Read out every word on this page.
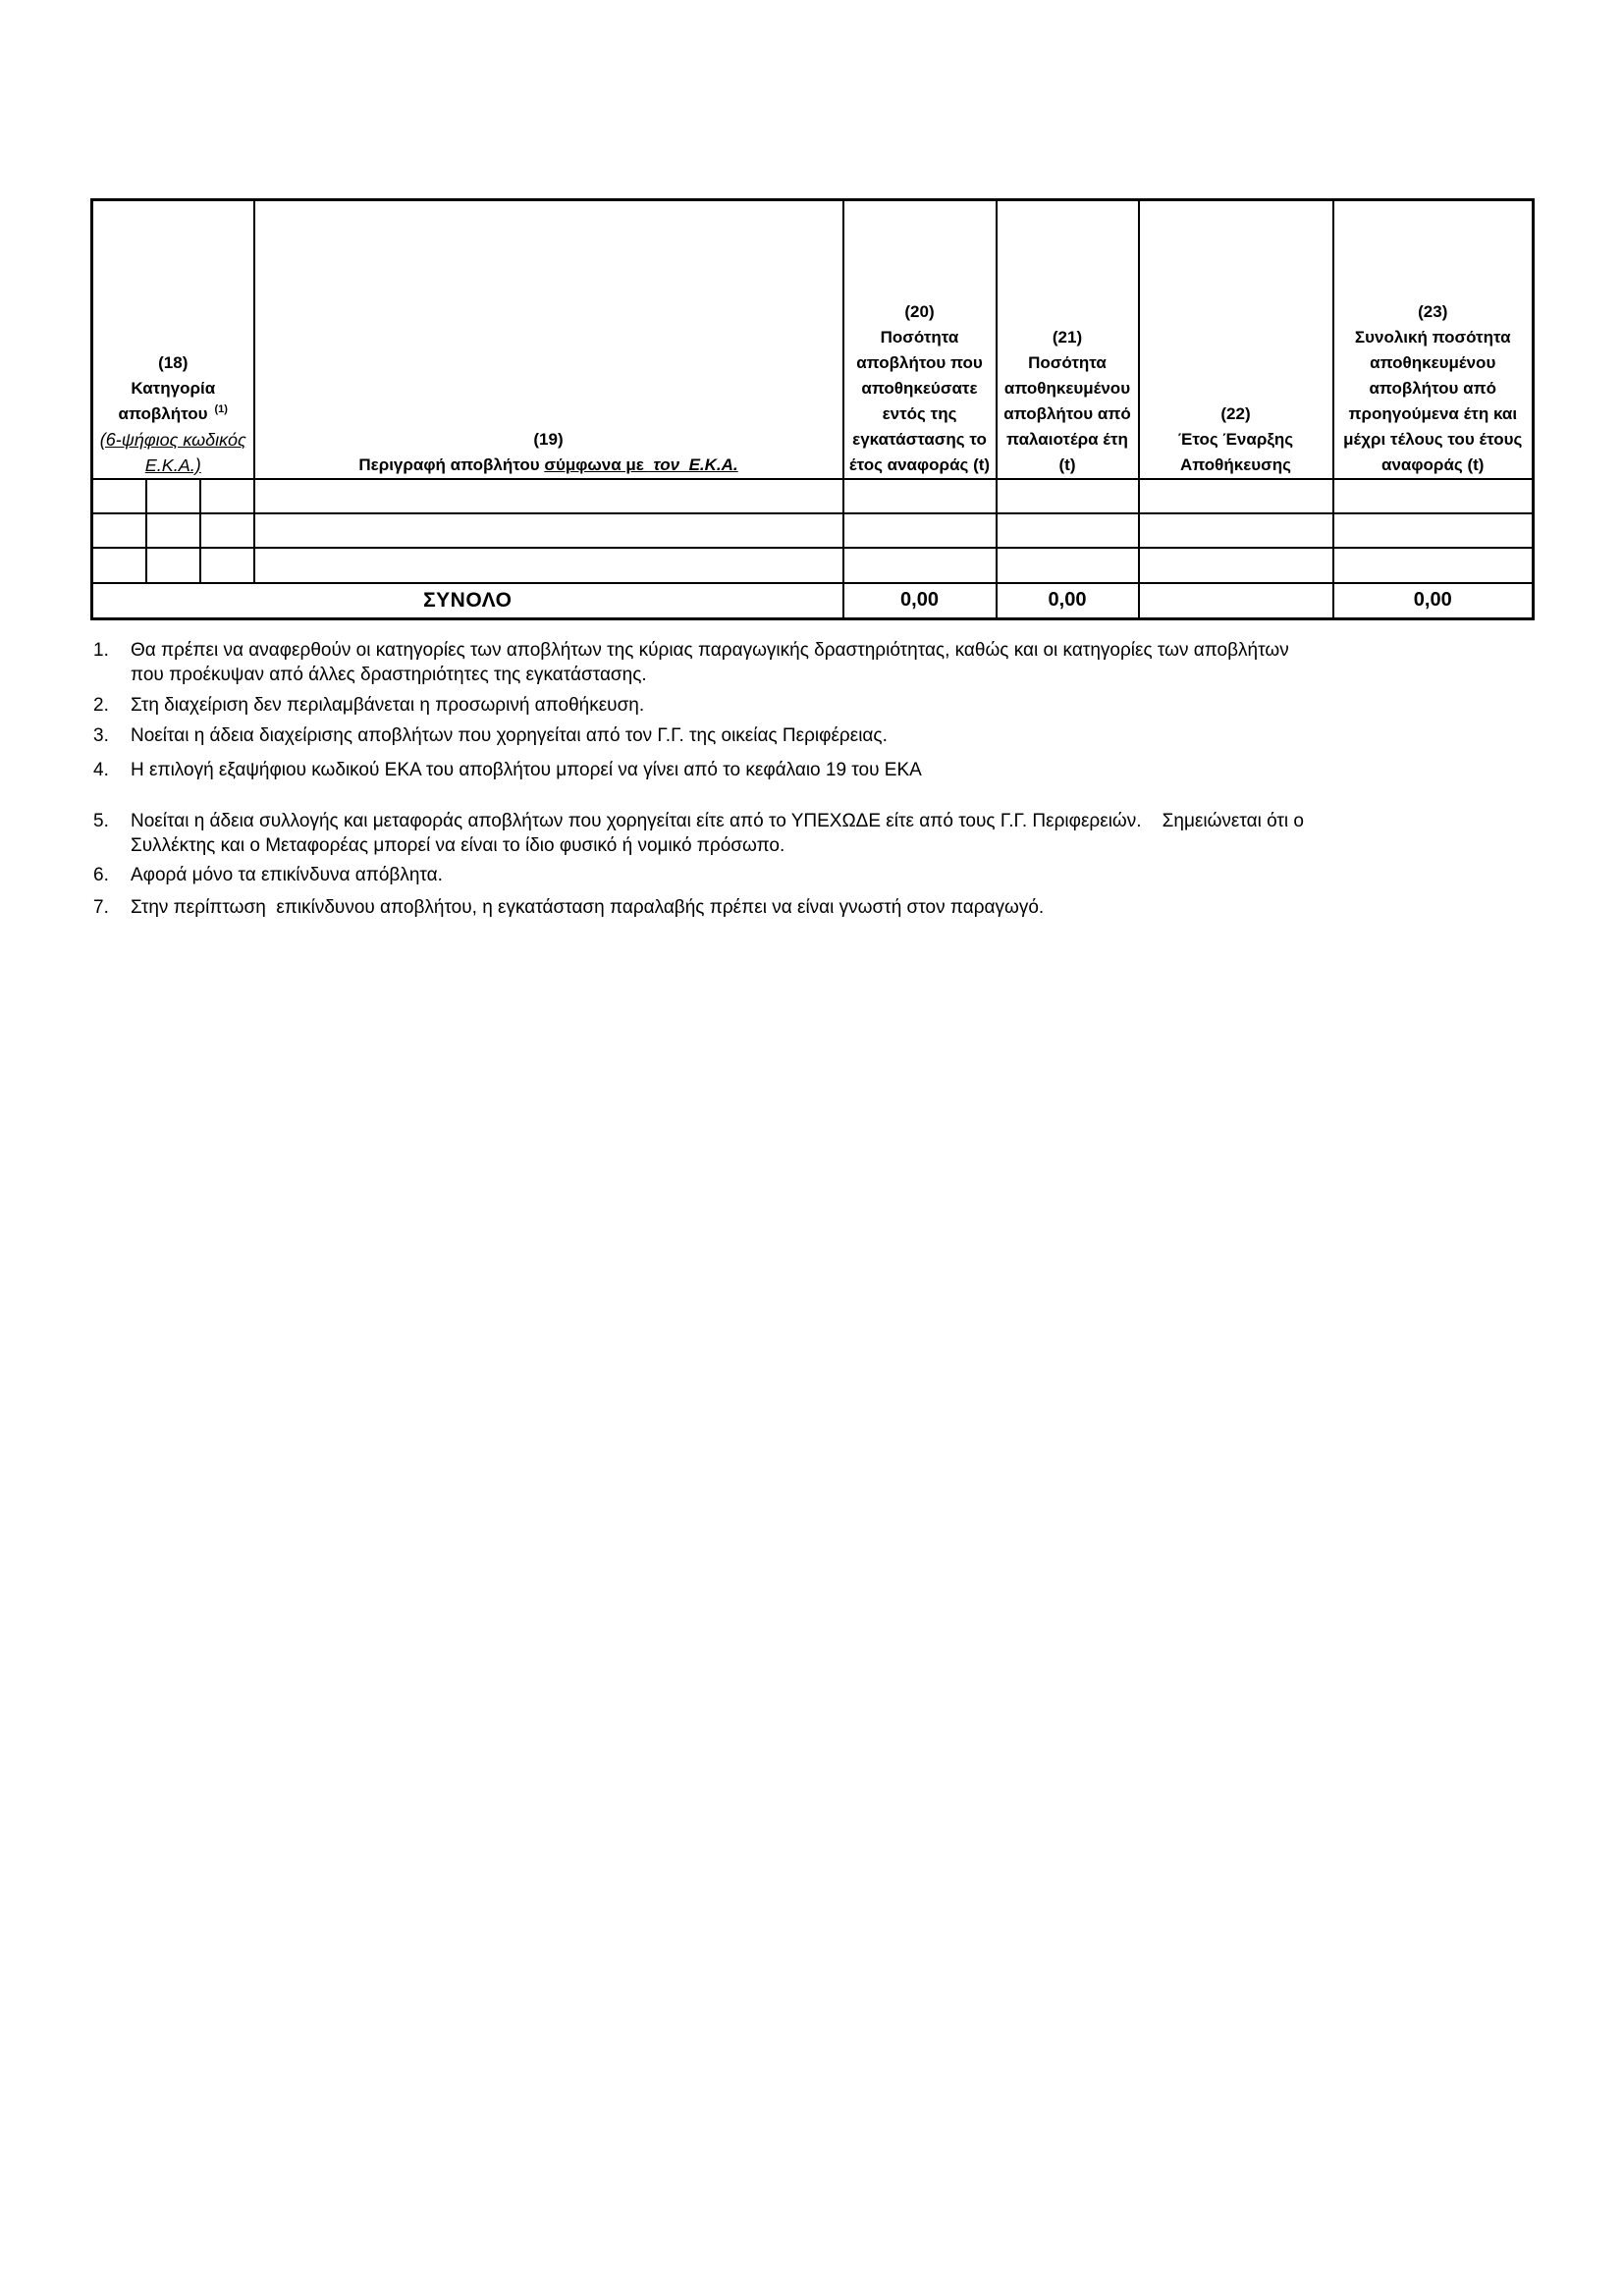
(18)
Κατηγορία
αποβλήτου $^{(1)}$
(6-ψήφιος κωδικός
Ε.Κ.Α.)

(19)
Περιγραφή αποβλήτου σύμφωνα με  τον  Ε.Κ.Α.

(20)
Ποσότητα
αποβλήτου που
αποθηκεύσατε
εντός της
εγκατάστασης το
έτος αναφοράς (t)

(21)
Ποσότητα
αποθηκευμένου
αποβλήτου από
παλαιοτέρα έτη
(t)

(22)
Έτος Έναρξης
Αποθήκευσης

(23)
Συνολική ποσότητα
αποθηκευμένου
αποβλήτου από
προηγούμενα έτη και
μέχρι τέλους του έτους
αναφοράς (t)

ΣΥΝΟΛΟ				0,00	0,00		0,00
1.	Θα πρέπει να αναφερθούν οι κατηγορίες των αποβλήτων της κύριας παραγωγικής δραστηριότητας, καθώς και οι κατηγορίες των αποβλήτων
που προέκυψαν από άλλες δραστηριότητες της εγκατάστασης.
2.	Στη διαχείριση δεν περιλαμβάνεται η προσωρινή αποθήκευση.
3.	Νοείται η άδεια διαχείρισης αποβλήτων που χορηγείται από τον Γ.Γ. της οικείας Περιφέρειας.
4.	Η επιλογή εξαψήφιου κωδικού ΕΚΑ του αποβλήτου μπορεί να γίνει από το κεφάλαιο 19 του ΕΚΑ
5.	Νοείται η άδεια συλλογής και μεταφοράς αποβλήτων που χορηγείται είτε από το ΥΠΕΧΩΔΕ είτε από τους Γ.Γ. Περιφερειών.    Σημειώνεται ότι ο
Συλλέκτης και ο Μεταφορέας μπορεί να είναι το ίδιο φυσικό ή νομικό πρόσωπο.
6.	Αφορά μόνο τα επικίνδυνα απόβλητα.
7.	Στην περίπτωση  επικίνδυνου αποβλήτου, η εγκατάσταση παραλαβής πρέπει να είναι γνωστή στον παραγωγό.
